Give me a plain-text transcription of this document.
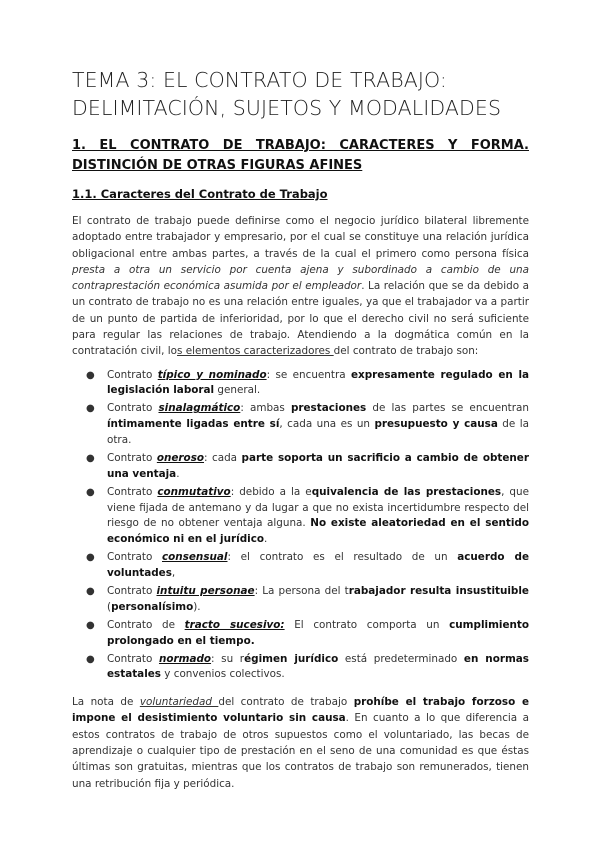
TEMA 3: EL CONTRATO DE TRABAJO:
DELIMITACIÓN, SUJETOS Y MODALIDADES
1. EL CONTRATO DE TRABAJO: CARACTERES Y FORMA. DISTINCIÓN DE OTRAS FIGURAS AFINES
1.1. Caracteres del Contrato de Trabajo

El contrato de trabajo puede definirse como el negocio jurídico bilateral libremente adoptado entre trabajador y empresario, por el cual se constituye una relación jurídica obligacional entre ambas partes, a través de la cual el primero como persona física presta a otra un servicio por cuenta ajena y subordinado a cambio de una contraprestación económica asumida por el empleador. La relación que se da debido a un contrato de trabajo no es una relación entre iguales, ya que el trabajador va a partir de un punto de partida de inferioridad, por lo que el derecho civil no será suficiente para regular las relaciones de trabajo. Atendiendo a la dogmática común en la contratación civil, los elementos caracterizadores del contrato de trabajo son:

● Contrato típico y nominado: se encuentra expresamente regulado en la legislación laboral general.
● Contrato sinalagmático: ambas prestaciones de las partes se encuentran íntimamente ligadas entre sí, cada una es un presupuesto y causa de la otra.
● Contrato oneroso: cada parte soporta un sacrificio a cambio de obtener una ventaja.
● Contrato conmutativo: debido a la equivalencia de las prestaciones, que viene fijada de antemano y da lugar a que no exista incertidumbre respecto del riesgo de no obtener ventaja alguna. No existe aleatoriedad en el sentido económico ni en el jurídico.
● Contrato consensual: el contrato es el resultado de un acuerdo de voluntades,
● Contrato intuitu personae: La persona del trabajador resulta insustituible (personalísimo).
● Contrato de tracto sucesivo: El contrato comporta un cumplimiento prolongado en el tiempo.
● Contrato normado: su régimen jurídico está predeterminado en normas estatales y convenios colectivos.

La nota de voluntariedad del contrato de trabajo prohíbe el trabajo forzoso e impone el desistimiento voluntario sin causa. En cuanto a lo que diferencia a estos contratos de trabajo de otros supuestos como el voluntariado, las becas de aprendizaje o cualquier tipo de prestación en el seno de una comunidad es que éstas últimas son gratuitas, mientras que los contratos de trabajo son remunerados, tienen una retribución fija y periódica.
